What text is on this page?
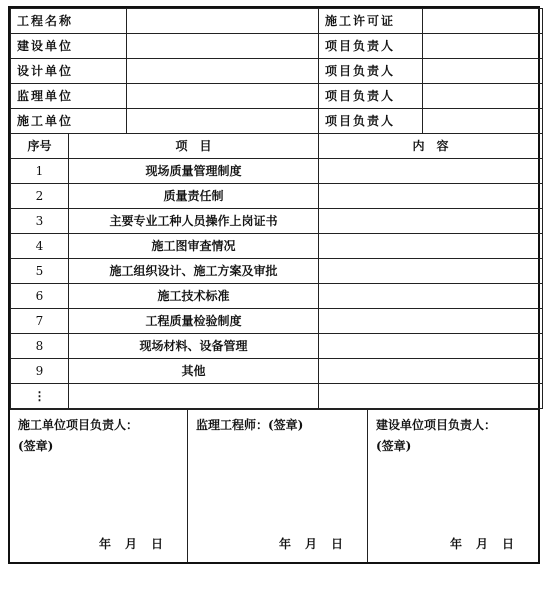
工程名称			施工许可证	
建设单位			项目负责人	
设计单位			项目负责人	
监理单位			项目负责人	
施工单位			项目负责人	
序号	项　目		内　容	
1	现场质量管理制度			
2	质量责任制			
3	主要专业工种人员操作上岗证书			
4	施工图审查情况			
5	施工组织设计、施工方案及审批			
6	施工技术标准			
7	工程质量检验制度			
8	现场材料、设备管理			
9	其他			
⋮				
施工单位项目负责人：
(签章)
年月日
监理工程师：(签章)
年月日
建设单位项目负责人：
(签章)
年月日
